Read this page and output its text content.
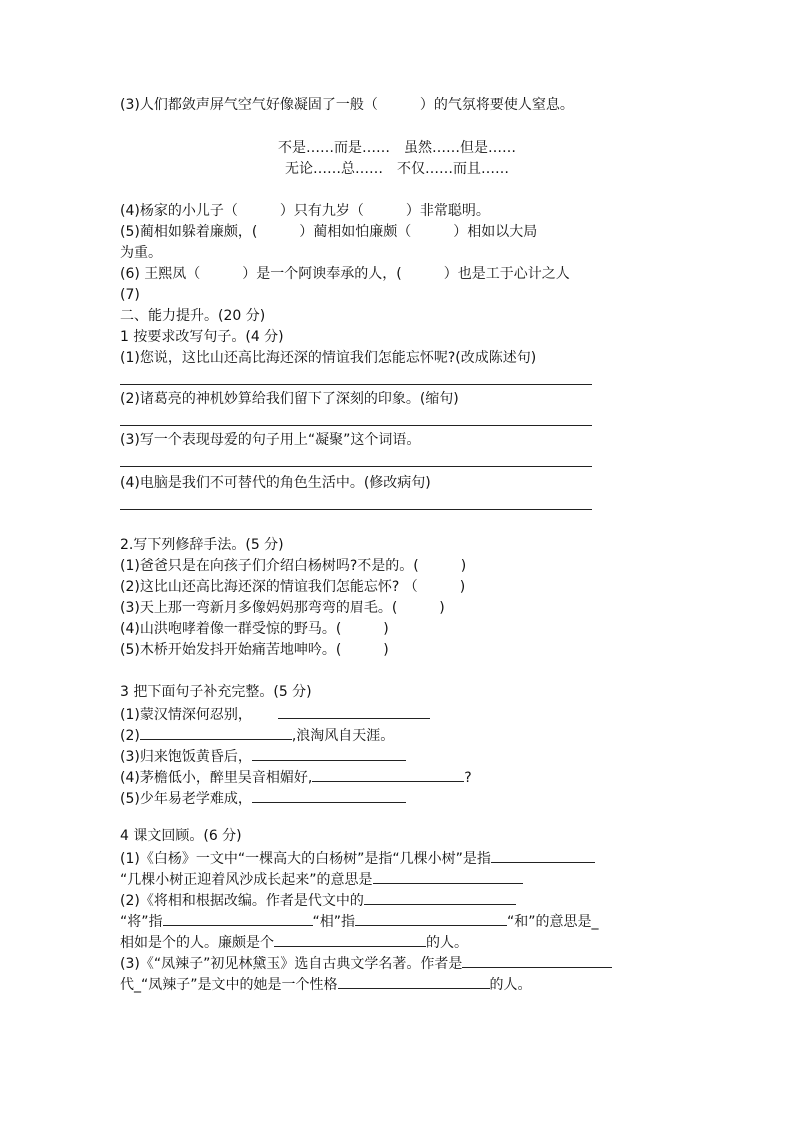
(3)人们都敛声屏气空气好像凝固了一般（　　　）的气氛将要使人窒息。
不是……而是……　虽然……但是……
无论……总……　不仅……而且……
(4)杨家的小儿子（　　　）只有九岁（　　　）非常聪明。
(5)蔺相如躲着廉颇，(　　　）蔺相如怕廉颇（　　　）相如以大局
为重。
(6) 王熙凤（　　　）是一个阿谀奉承的人，(　　　）也是工于心计之人
(7)
二、能力提升。(20 分)
1 按要求改写句子。(4 分)
(1)您说，这比山还高比海还深的情谊我们怎能忘怀呢?(改成陈述句)
(2)诸葛亮的神机妙算给我们留下了深刻的印象。(缩句)
(3)写一个表现母爱的句子用上“凝聚”这个词语。
(4)电脑是我们不可替代的角色生活中。(修改病句)
2.写下列修辞手法。(5 分)
(1)爸爸只是在向孩子们介绍白杨树吗?不是的。(　　　)
(2)这比山还高比海还深的情谊我们怎能忘怀? （　　　)
(3)天上那一弯新月多像妈妈那弯弯的眉毛。(　　　)
(4)山洪咆哮着像一群受惊的野马。(　　　)
(5)木桥开始发抖开始痛苦地呻吟。(　　　)
3 把下面句子补充完整。(5 分)
(1)蒙汉情深何忍别，
(2)	,浪淘风自天涯。
(3)归来饱饭黄昏后，
(4)茅檐低小，醉里吴音相媚好,	?
(5)少年易老学难成，
4 课文回顾。(6 分)
(1)《白杨》一文中“一棵高大的白杨树”是指“几棵小树”是指
“几棵小树正迎着风沙成长起来”的意思是
(2)《将相和根据改编。作者是代文中的
“将”指	“相”指	“和”的意思是_
相如是个的人。廉颇是个	的人。
(3)《“凤辣子”初见林黛玉》选自古典文学名著。作者是
代_“凤辣子”是文中的她是一个性格	的人。
